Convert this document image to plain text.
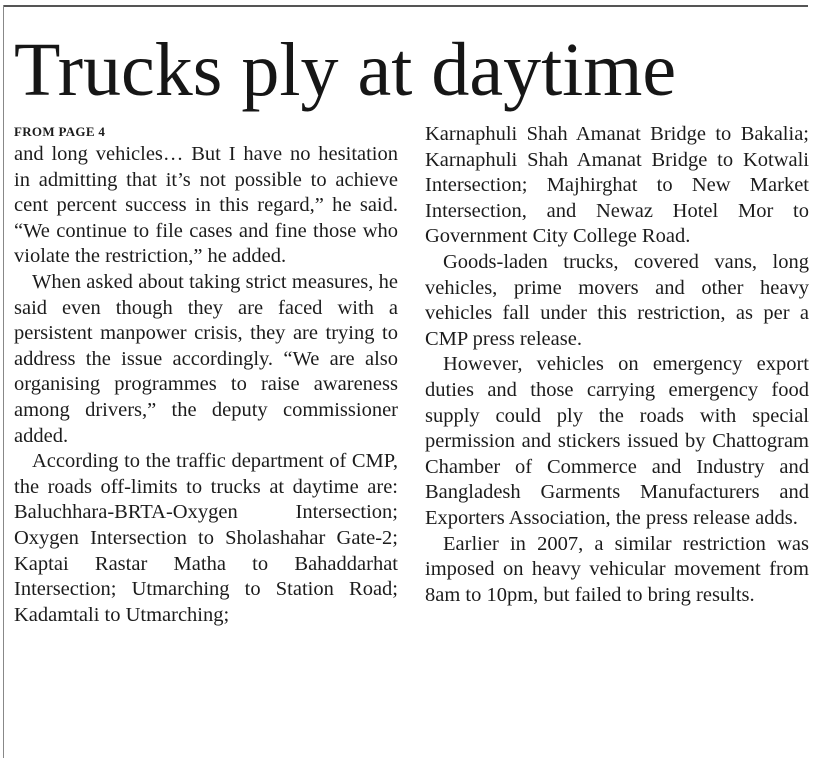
Trucks ply at daytime
FROM PAGE 4

and long vehicles… But I have no hesitation in admitting that it’s not possible to achieve cent percent success in this regard,” he said. “We continue to file cases and fine those who violate the restriction,” he added.

When asked about taking strict measures, he said even though they are faced with a persistent manpower crisis, they are trying to address the issue accordingly. “We are also organising programmes to raise awareness among drivers,” the deputy commissioner added.

According to the traffic department of CMP, the roads off-limits to trucks at daytime are: Baluchhara-BRTA-Oxygen Intersection; Oxygen Intersection to Sholashahar Gate-2; Kaptai Rastar Matha to Bahaddarhat Intersection; Utmarching to Station Road; Kadamtali to Utmarching;

Karnaphuli Shah Amanat Bridge to Bakalia; Karnaphuli Shah Amanat Bridge to Kotwali Intersection; Majhirghat to New Market Intersection, and Newaz Hotel Mor to Government City College Road.

Goods-laden trucks, covered vans, long vehicles, prime movers and other heavy vehicles fall under this restriction, as per a CMP press release.

However, vehicles on emergency export duties and those carrying emergency food supply could ply the roads with special permission and stickers issued by Chattogram Chamber of Commerce and Industry and Bangladesh Garments Manufacturers and Exporters Association, the press release adds.

Earlier in 2007, a similar restriction was imposed on heavy vehicular movement from 8am to 10pm, but failed to bring results.
